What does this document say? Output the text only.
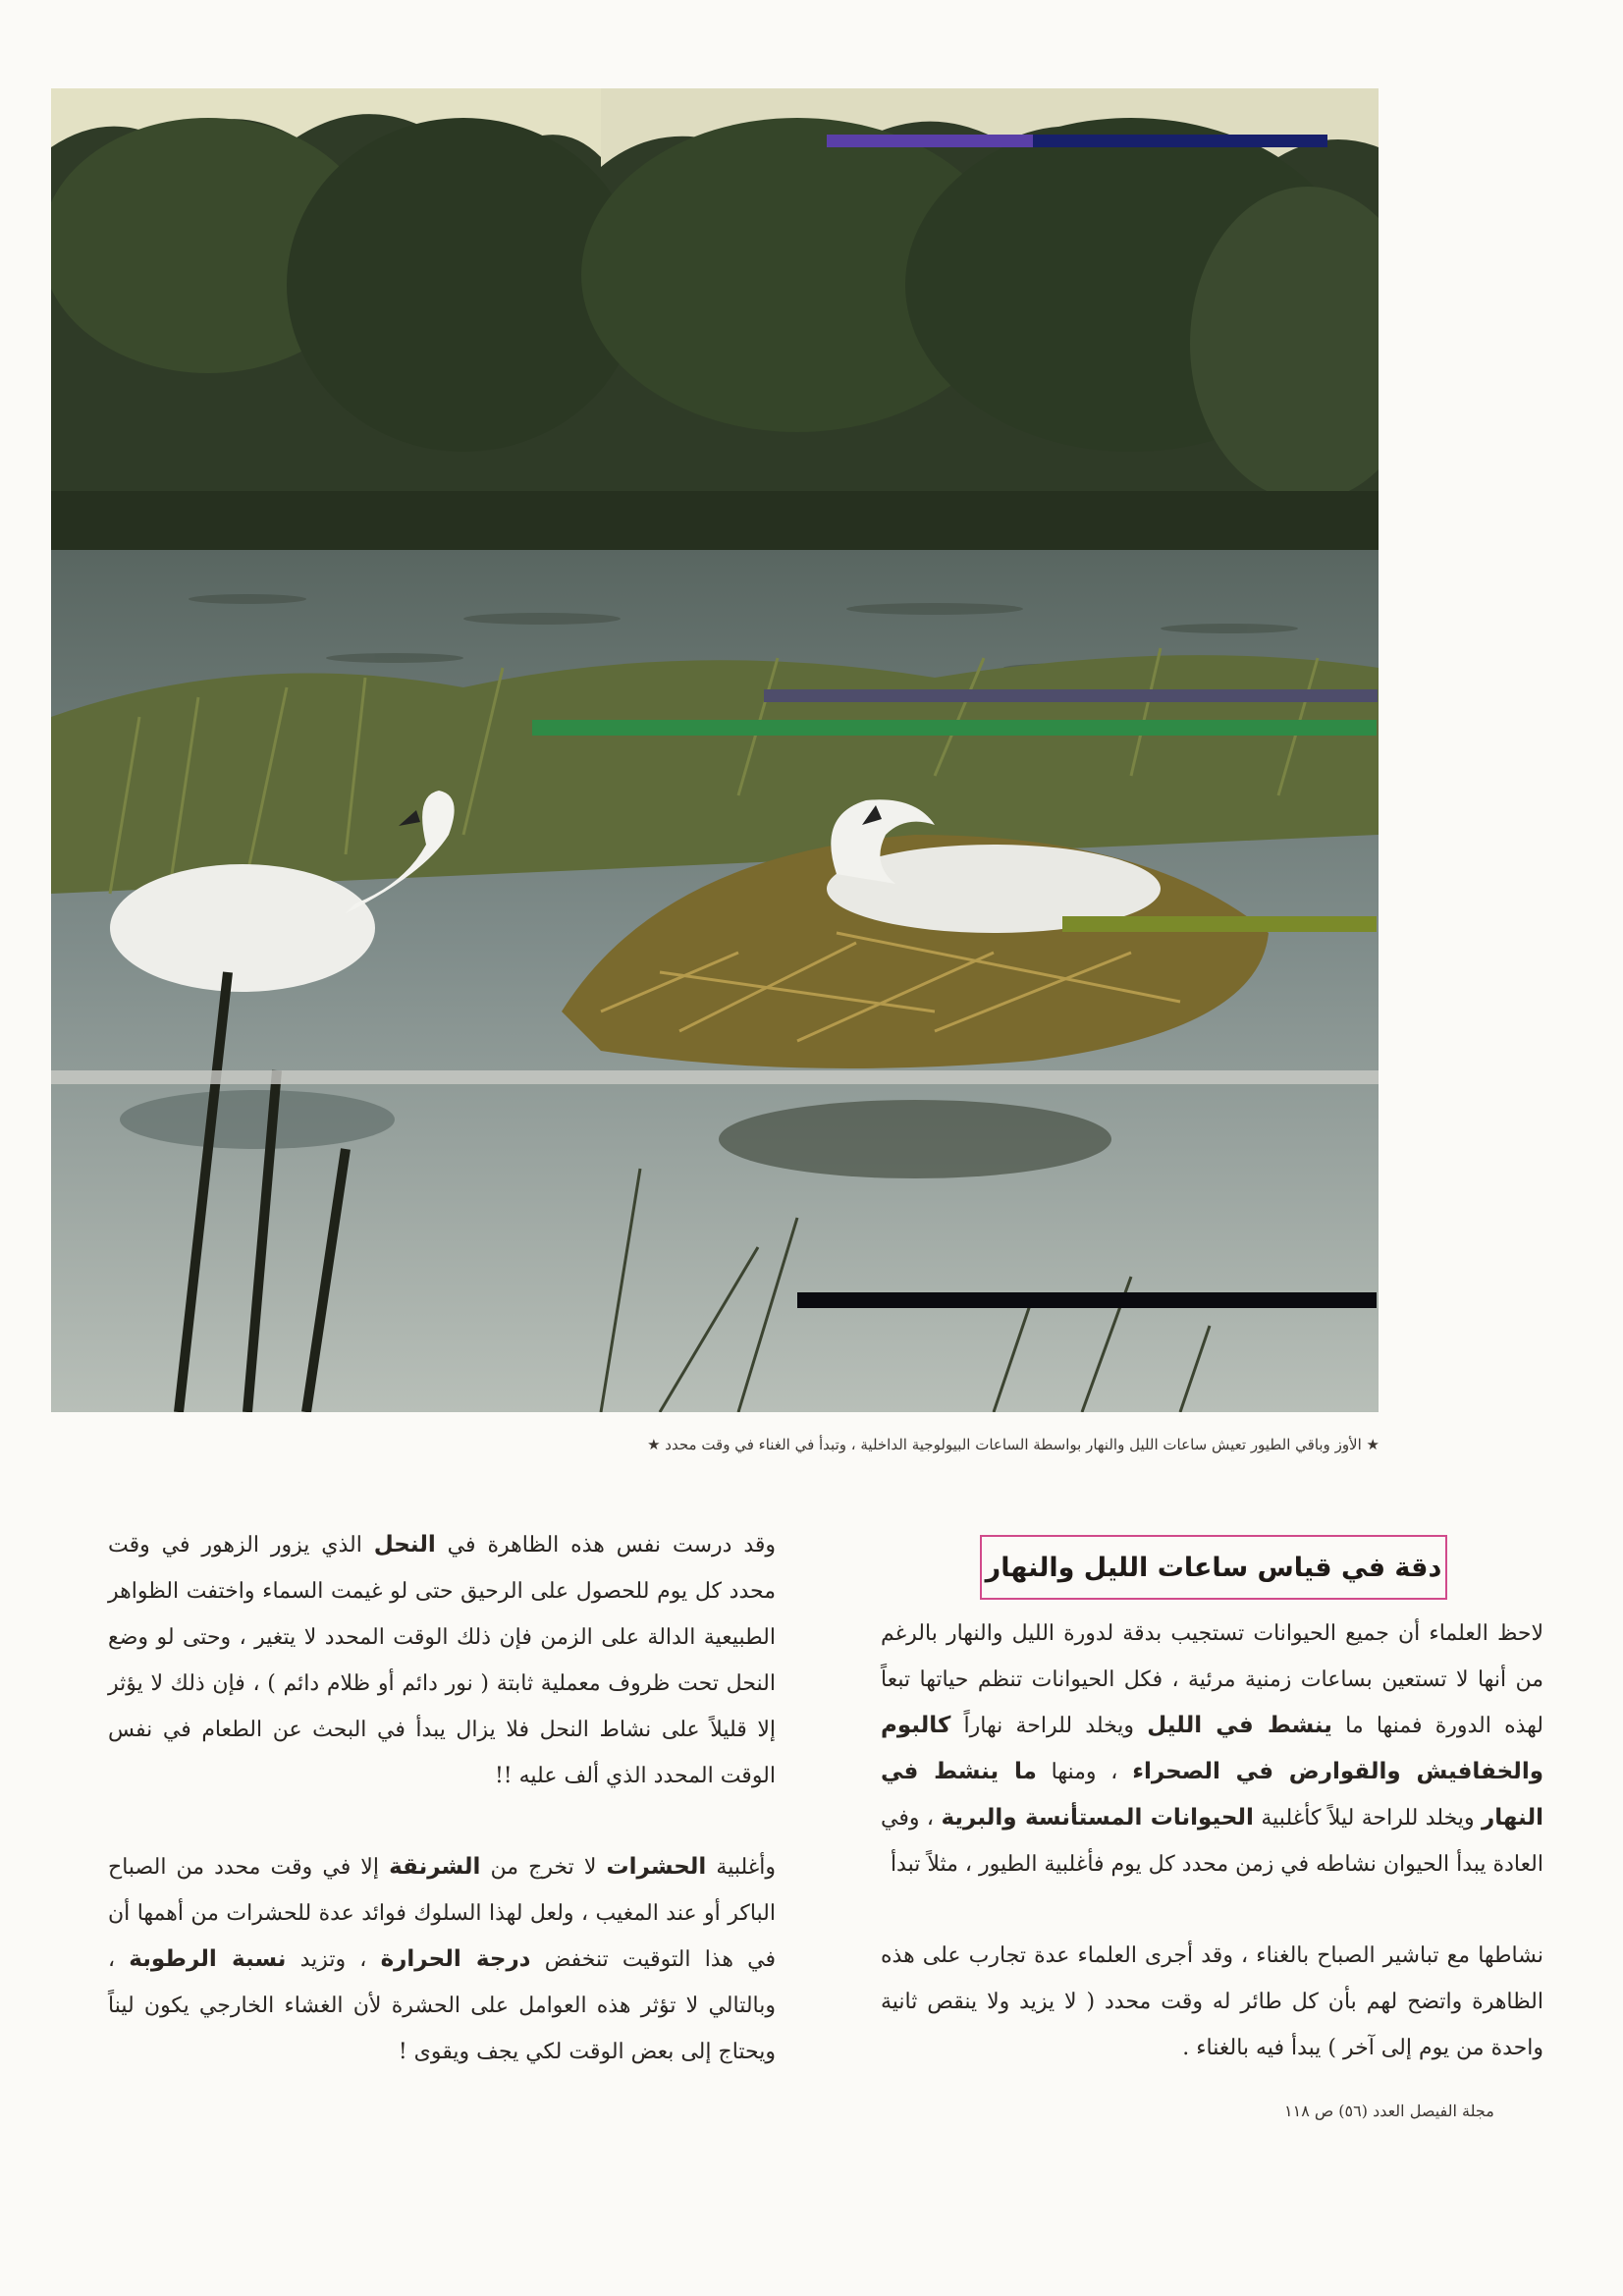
★ الأوز وباقي الطيور تعيش ساعات الليل والنهار بواسطة الساعات البيولوجية الداخلية ، وتبدأ في الغناء في وقت محدد ★
دقة في قياس ساعات الليل والنهار

لاحظ العلماء أن جميع الحيوانات تستجيب بدقة لدورة الليل والنهار بالرغم من أنها لا تستعين بساعات زمنية مرئية ، فكل الحيوانات تنظم حياتها تبعاً لهذه الدورة فمنها ما ينشط في الليل ويخلد للراحة نهاراً كالبوم والخفافيش والقوارض في الصحراء ، ومنها ما ينشط في النهار ويخلد للراحة ليلاً كأغلبية الحيوانات المستأنسة والبرية ، وفي العادة يبدأ الحيوان نشاطه في زمن محدد كل يوم فأغلبية الطيور ، مثلاً تبدأ

نشاطها مع تباشير الصباح بالغناء ، وقد أجرى العلماء عدة تجارب على هذه الظاهرة واتضح لهم بأن كل طائر له وقت محدد ( لا يزيد ولا ينقص ثانية واحدة من يوم إلى آخر ) يبدأ فيه بالغناء .

وقد درست نفس هذه الظاهرة في النحل الذي يزور الزهور في وقت محدد كل يوم للحصول على الرحيق حتى لو غيمت السماء واختفت الظواهر الطبيعية الدالة على الزمن فإن ذلك الوقت المحدد لا يتغير ، وحتى لو وضع النحل تحت ظروف معملية ثابتة ( نور دائم أو ظلام دائم ) ، فإن ذلك لا يؤثر إلا قليلاً على نشاط النحل فلا يزال يبدأ في البحث عن الطعام في نفس الوقت المحدد الذي ألف عليه !!

وأغلبية الحشرات لا تخرج من الشرنقة إلا في وقت محدد من الصباح الباكر أو عند المغيب ، ولعل لهذا السلوك فوائد عدة للحشرات من أهمها أن في هذا التوقيت تنخفض درجة الحرارة ، وتزيد نسبة الرطوبة ، وبالتالي لا تؤثر هذه العوامل على الحشرة لأن الغشاء الخارجي يكون ليناً ويحتاج إلى بعض الوقت لكي يجف ويقوى !

مجلة الفيصل العدد (٥٦) ص ١١٨
